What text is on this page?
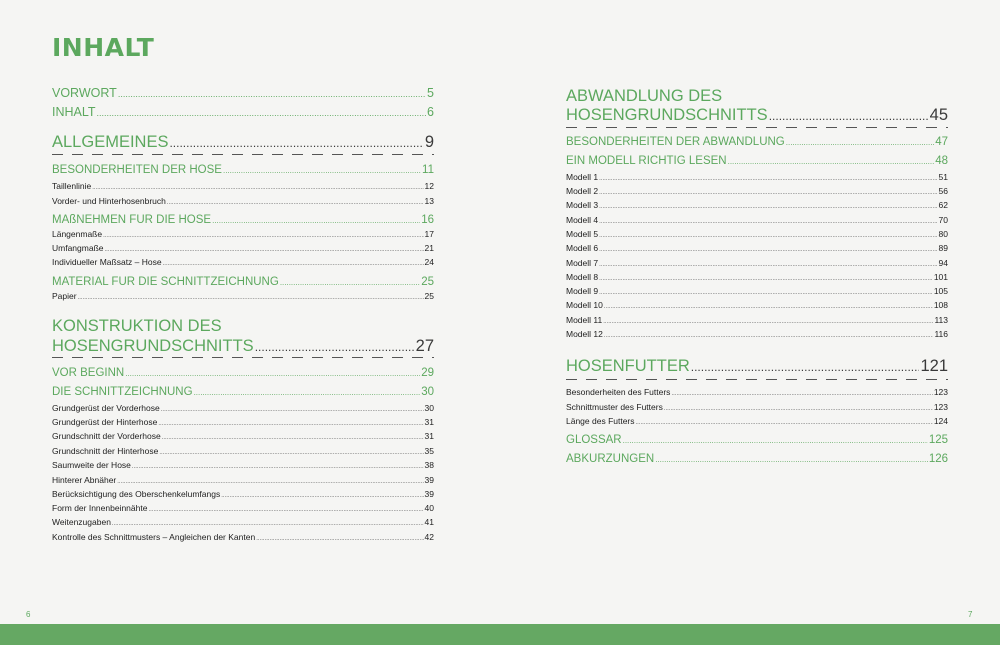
INHALT
VORWORT .....	5
INHALT .....	6
ALLGEMEINES .....	9
BESONDERHEITEN DER HOSE .....	11
Taillenlinie .....	12
Vorder- und Hinterhosenbruch .....	13
MAßNEHMEN FÜR DIE HOSE .....	16
Längenmaße .....	17
Umfangmaße .....	21
Individueller Maßsatz – Hose .....	24
MATERIAL FÜR DIE SCHNITTZEICHNUNG .....	25
Papier .....	25
VOR BEGINN .....	29
DIE SCHNITTZEICHNUNG .....	30
Grundgerüst der Vorderhose .....	30
Grundgerüst der Hinterhose .....	31
Grundschnitt der Vorderhose .....	31
Grundschnitt der Hinterhose .....	35
Saumweite der Hose .....	38
Hinterer Abnäher .....	39
Berücksichtigung des Oberschenkelumfangs .....	39
Form der Innenbeinnähte .....	40
Weitenzugaben .....	41
Kontrolle des Schnittmusters – Angleichen der Kanten .....	42
KONSTRUKTION DES
HOSENGRUNDSCHNITTS .....	27
ABWANDLUNG DES
HOSENGRUNDSCHNITTS .....	45
BESONDERHEITEN DER ABWANDLUNG .....	47
EIN MODELL RICHTIG LESEN .....	48
Modell 1 .....	51
Modell 2 .....	56
Modell 3 .....	62
Modell 4 .....	70
Modell 5 .....	80
Modell 6 .....	89
Modell 7 .....	94
Modell 8 .....	101
Modell 9 .....	105
Modell 10 .....	108
Modell 11 .....	113
Modell 12 .....	116
HOSENFUTTER .....	121
Besonderheiten des Futters .....	123
Schnittmuster des Futters .....	123
Länge des Futters .....	124
GLOSSAR .....	125
ABKÜRZUNGEN .....	126
6	7
